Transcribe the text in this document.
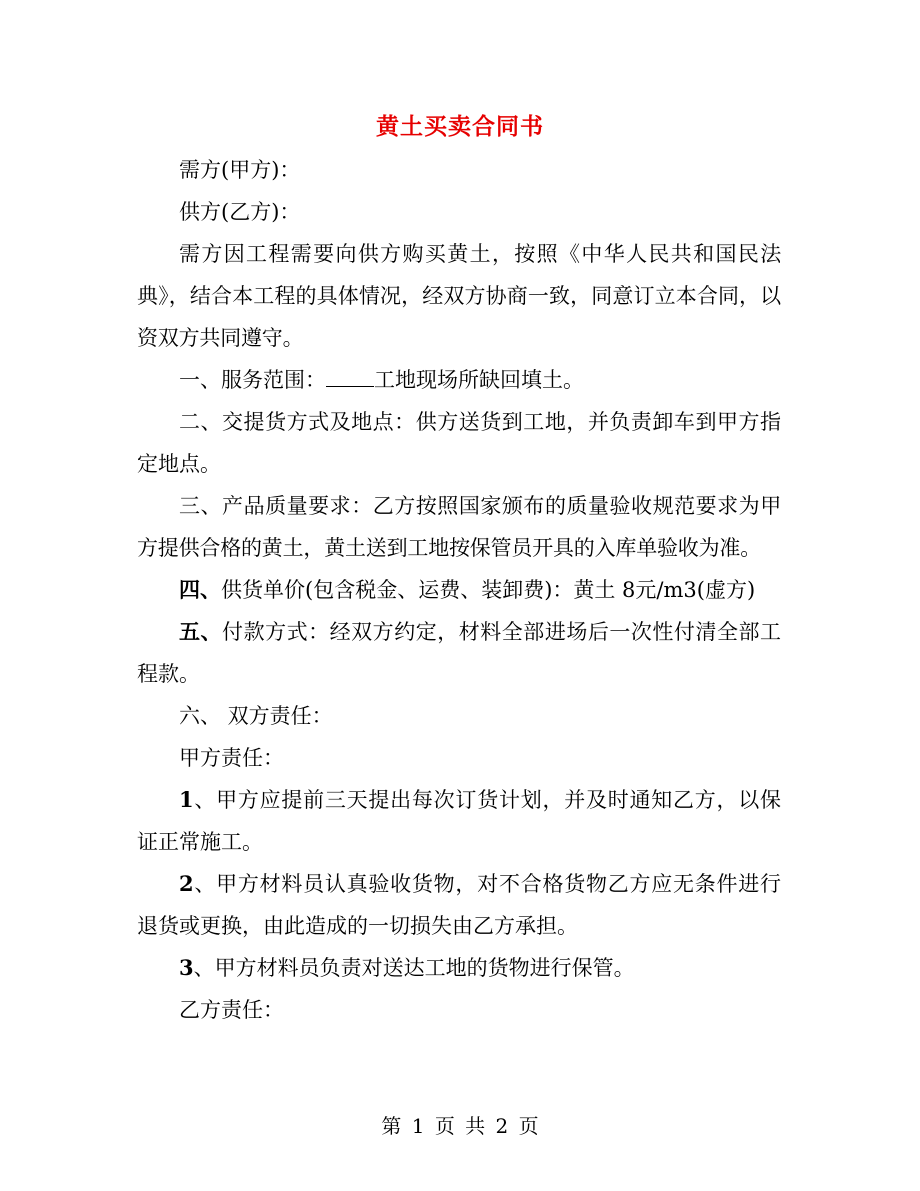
黄土买卖合同书

需方(甲方)：

供方(乙方)：

需方因工程需要向供方购买黄土，按照《中华人民共和国民法典》，结合本工程的具体情况，经双方协商一致，同意订立本合同，以资双方共同遵守。

一、服务范围： 工地现场所缺回填土。

二、交提货方式及地点：供方送货到工地，并负责卸车到甲方指定地点。

三、产品质量要求：乙方按照国家颁布的质量验收规范要求为甲方提供合格的黄土，黄土送到工地按保管员开具的入库单验收为准。

四、供货单价(包含税金、运费、装卸费)：黄土 8元/m3(虚方)

五、付款方式：经双方约定，材料全部进场后一次性付清全部工程款。

六、 双方责任：

甲方责任：

1、甲方应提前三天提出每次订货计划，并及时通知乙方，以保证正常施工。

2、甲方材料员认真验收货物，对不合格货物乙方应无条件进行退货或更换，由此造成的一切损失由乙方承担。

3、甲方材料员负责对送达工地的货物进行保管。

乙方责任：

第 1 页 共 2 页
